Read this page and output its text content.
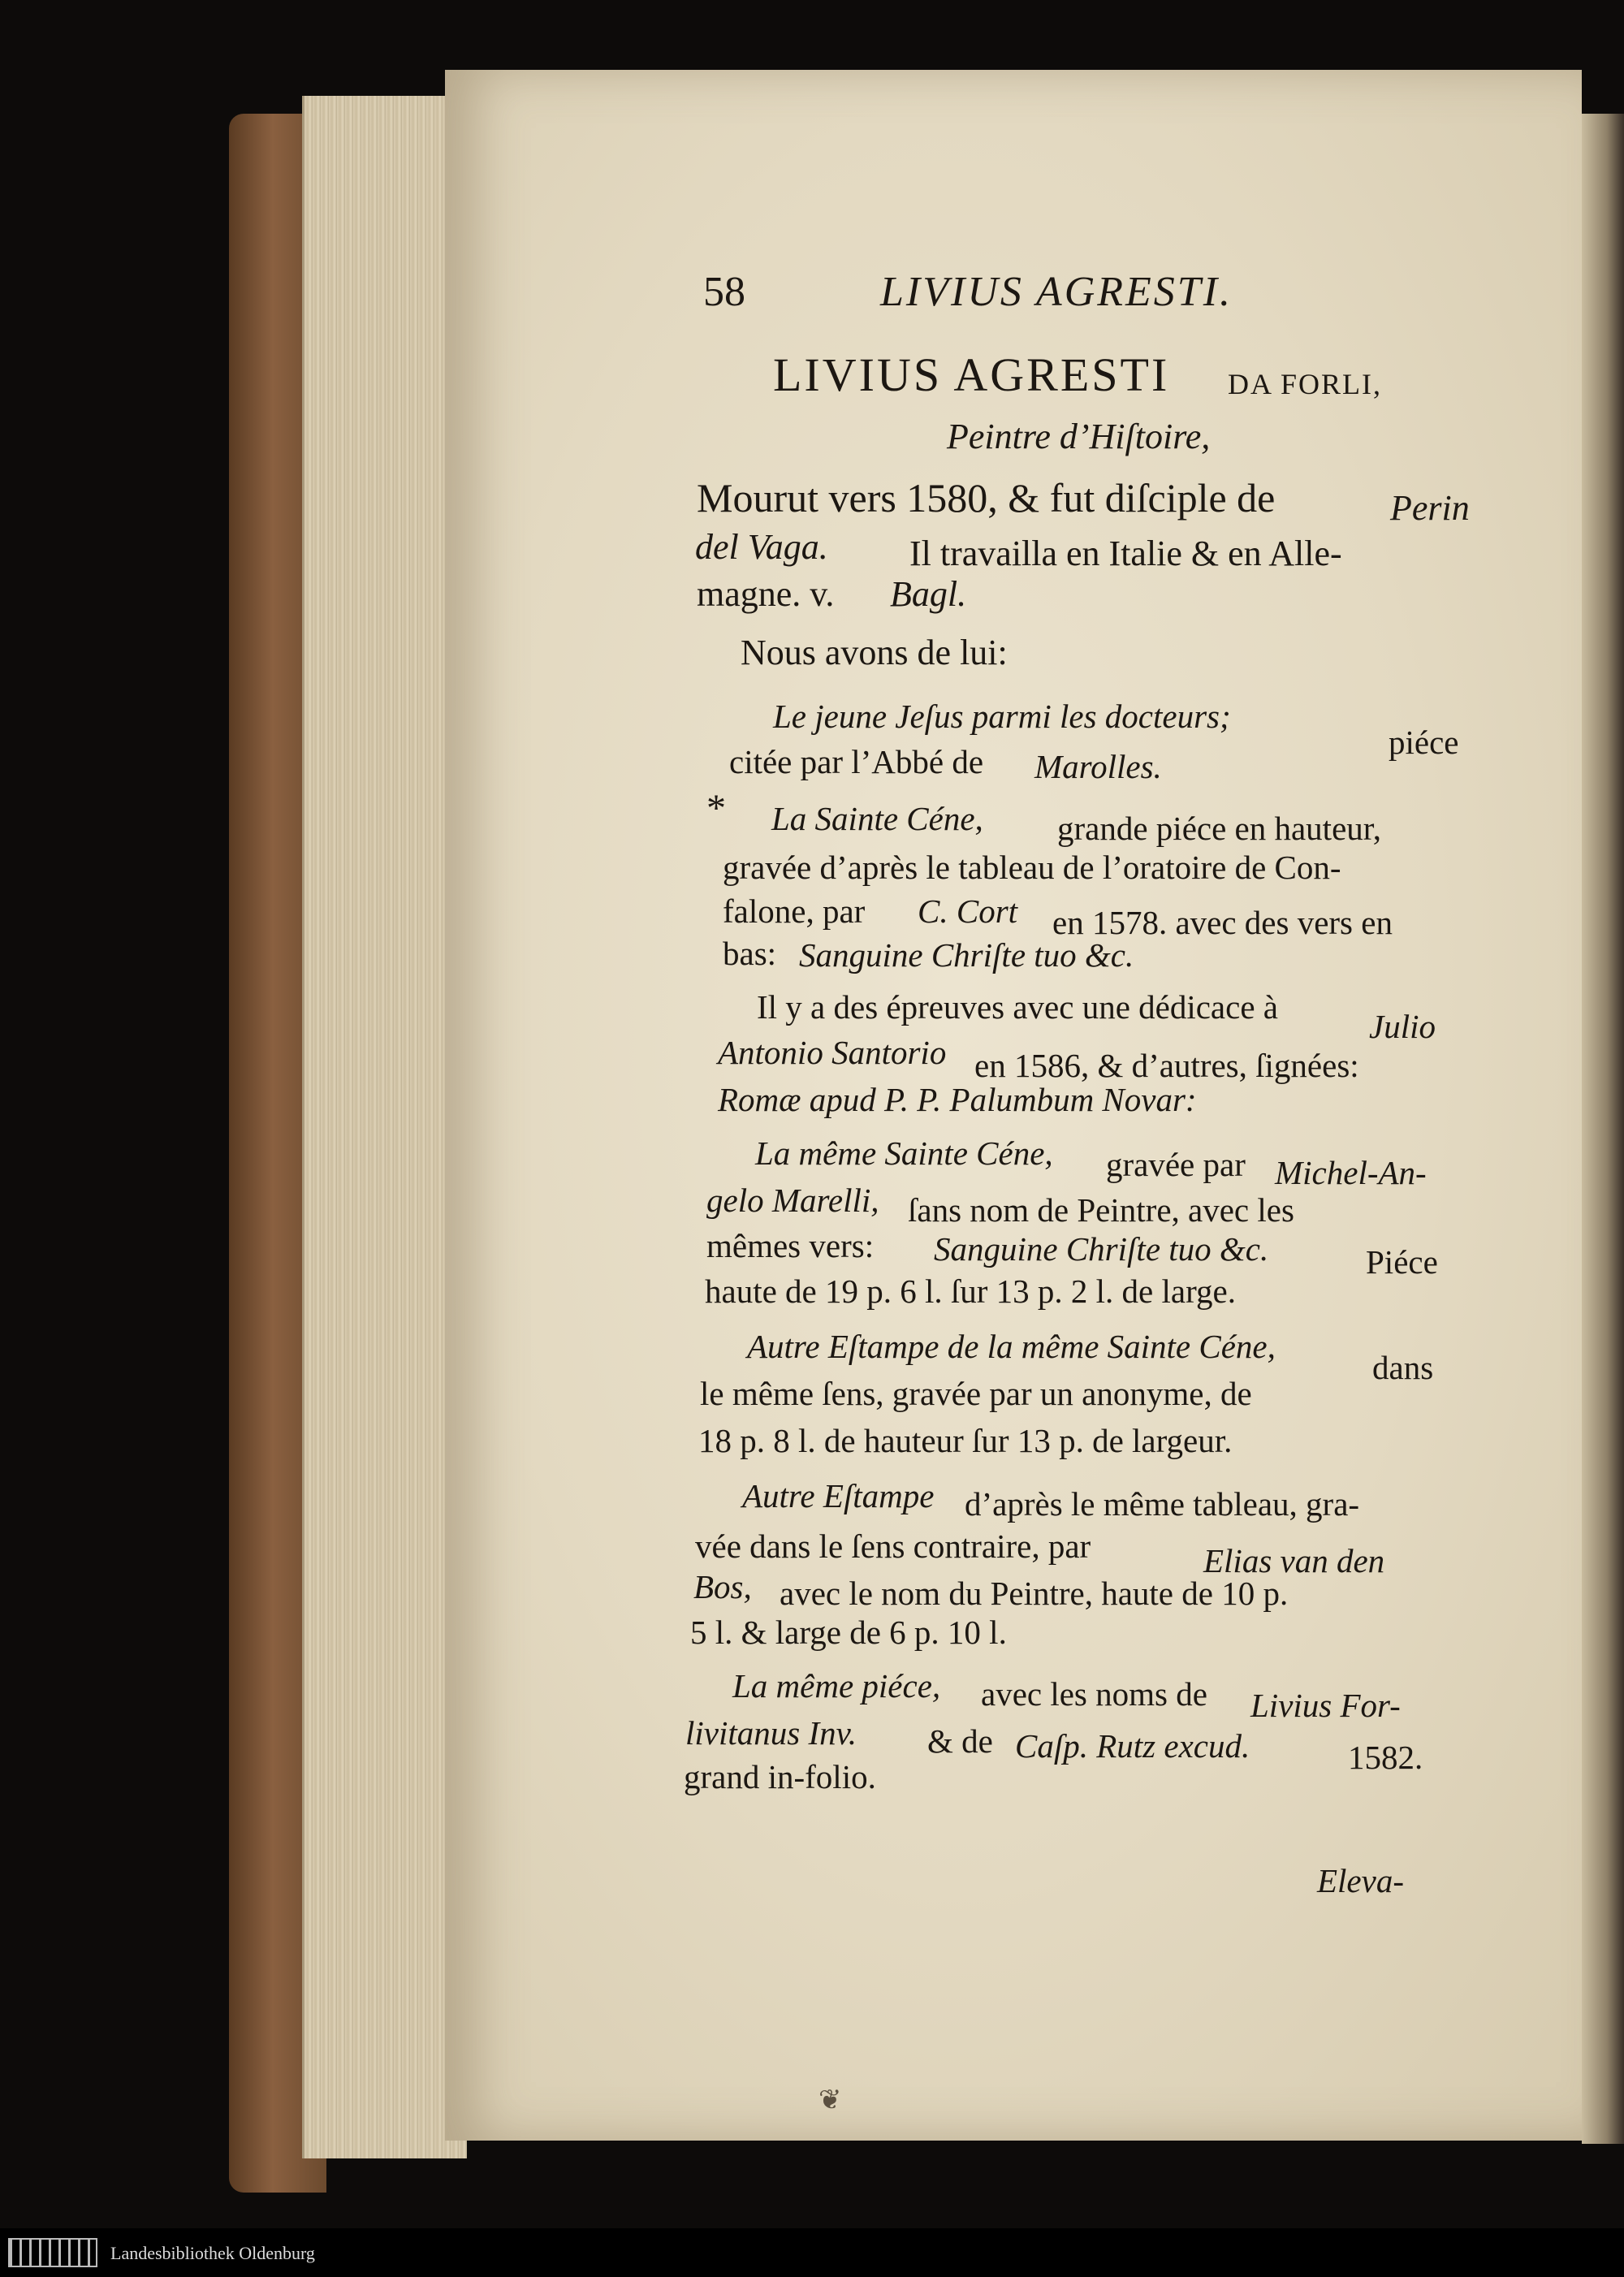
58	LIVIUS AGRESTI.
LIVIUS AGRESTI DA FORLI,
Peintre d’Hiſtoire,
Mourut vers 1580, & fut diſciple de	Perin
del Vaga. Il travailla en Italie & en Alle-
magne. v. Bagl.
Nous avons de lui:
Le jeune Jeſus parmi les docteurs;
piéce
citée par l’Abbé de Marolles.
* La Sainte Céne, grande piéce en hauteur,
gravée d’après le tableau de l’oratoire de Con-
falone, par C. Cort en 1578. avec des vers en
bas: Sanguine Chriſte tuo &c.
Il y a des épreuves avec une dédicace à
Julio
Antonio Santorio en 1586, & d’autres, ſignées:
Romæ apud P. P. Palumbum Novar:
La même Sainte Céne, gravée par Michel-An-
gelo Marelli, ſans nom de Peintre, avec les
mêmes vers: Sanguine Chriſte tuo &c.	Piéce
haute de 19 p. 6 l. ſur 13 p. 2 l. de large.
Autre Eſtampe de la même Sainte Céne,
dans
le même ſens, gravée par un anonyme, de
18 p. 8 l. de hauteur ſur 13 p. de largeur.
Autre Eſtampe d’après le même tableau, gra-
vée dans le ſens contraire, par	Elias van den
Bos, avec le nom du Peintre, haute de 10 p.
5 l. & large de 6 p. 10 l.
La même piéce, avec les noms de Livius For-
livitanus Inv. & de Caſp. Rutz excud.	1582.
grand in-folio.
Eleva-
❦
Landesbibliothek Oldenburg
